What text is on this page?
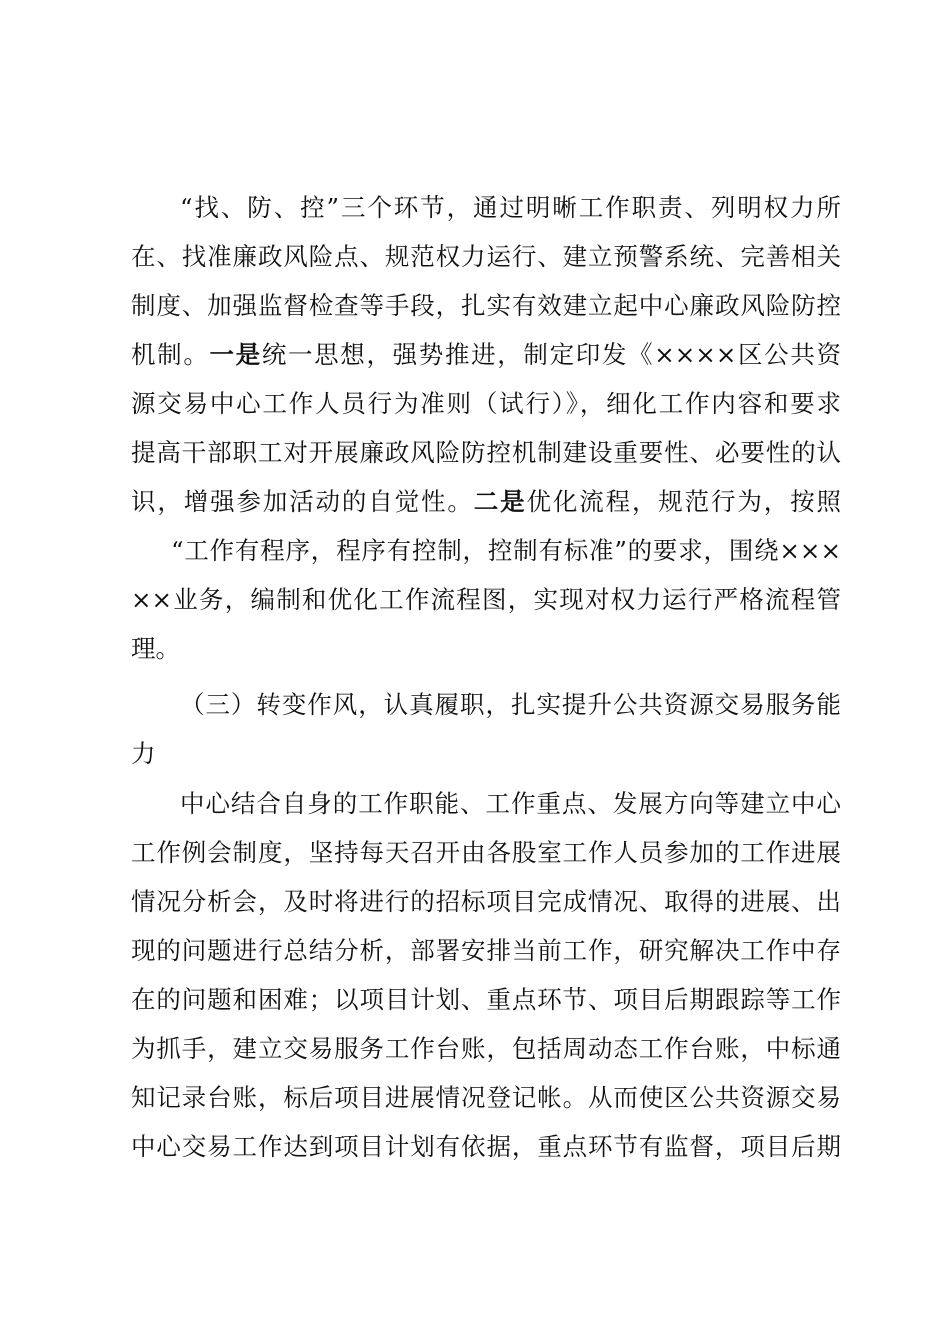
“找、防、控”三个环节，通过明晰工作职责、列明权力所
在、找准廉政风险点、规范权力运行、建立预警系统、完善相关
制度、加强监督检查等手段，扎实有效建立起中心廉政风险防控
机制。一是统一思想，强势推进，制定印发《××××区公共资
源交易中心工作人员行为准则（试行）》，细化工作内容和要求
提高干部职工对开展廉政风险防控机制建设重要性、必要性的认
识，增强参加活动的自觉性。二是优化流程，规范行为，按照
“工作有程序，程序有控制，控制有标准”的要求，围绕×××
××业务，编制和优化工作流程图，实现对权力运行严格流程管
理。
（三）转变作风，认真履职，扎实提升公共资源交易服务能
力
中心结合自身的工作职能、工作重点、发展方向等建立中心
工作例会制度，坚持每天召开由各股室工作人员参加的工作进展
情况分析会，及时将进行的招标项目完成情况、取得的进展、出
现的问题进行总结分析，部署安排当前工作，研究解决工作中存
在的问题和困难；以项目计划、重点环节、项目后期跟踪等工作
为抓手，建立交易服务工作台账，包括周动态工作台账，中标通
知记录台账，标后项目进展情况登记帐。从而使区公共资源交易
中心交易工作达到项目计划有依据，重点环节有监督，项目后期
